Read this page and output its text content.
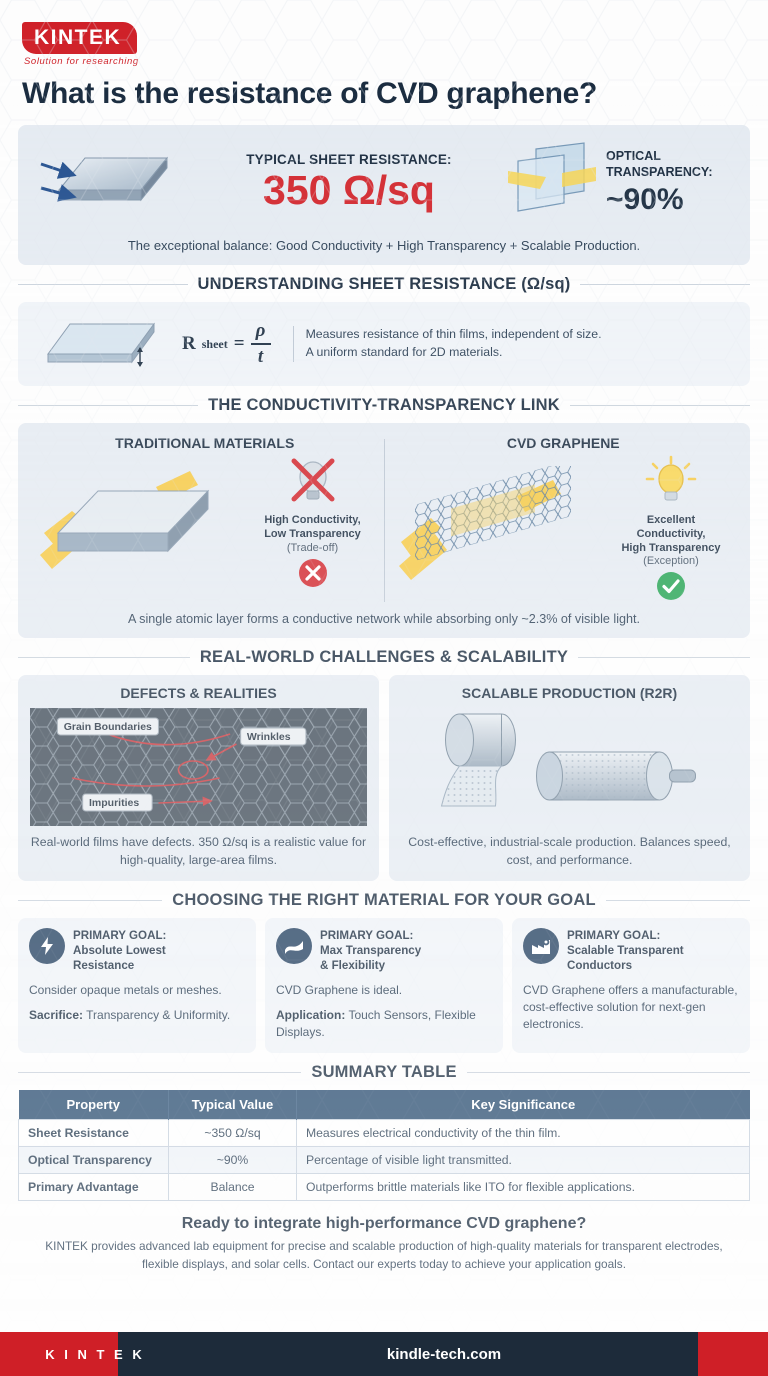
KINTEK
Solution for researching
What is the resistance of CVD graphene?
TYPICAL SHEET RESISTANCE:
350 Ω/sq
OPTICAL
TRANSPARENCY:
~90%
The exceptional balance: Good Conductivity + High Transparency + Scalable Production.
UNDERSTANDING SHEET RESISTANCE (Ω/sq)
R sheet = $\frac{\rho}{t}$	Measures resistance of thin films, independent of size.
A uniform standard for 2D materials.
THE CONDUCTIVITY-TRANSPARENCY LINK
TRADITIONAL MATERIALS
High Conductivity,
Low Transparency
(Trade-off)
CVD GRAPHENE
Excellent Conductivity,
High Transparency
(Exception)
A single atomic layer forms a conductive network while absorbing only ~2.3% of visible light.
REAL-WORLD CHALLENGES & SCALABILITY
DEFECTS & REALITIES
Grain Boundaries
Wrinkles
Impurities

Real-world films have defects. 350 Ω/sq is a realistic value for high-quality, large-area films.

SCALABLE PRODUCTION (R2R)

Cost-effective, industrial-scale production. Balances speed, cost, and performance.

CHOOSING THE RIGHT MATERIAL FOR YOUR GOAL
PRIMARY GOAL:
Absolute Lowest
Resistance
Consider opaque metals or meshes.
Sacrifice: Transparency & Uniformity.
PRIMARY GOAL:
Max Transparency
& Flexibility
CVD Graphene is ideal.
Application: Touch Sensors, Flexible Displays.
PRIMARY GOAL:
Scalable Transparent
Conductors
CVD Graphene offers a manufacturable, cost-effective solution for next-gen electronics.
SUMMARY TABLE
Property	Typical Value	Key Significance
Sheet Resistance	~350 Ω/sq	Measures electrical conductivity of the thin film.
Optical Transparency	~90%	Percentage of visible light transmitted.
Primary Advantage	Balance	Outperforms brittle materials like ITO for flexible applications.
Ready to integrate high-performance CVD graphene?

KINTEK provides advanced lab equipment for precise and scalable production of high-quality materials for transparent electrodes, flexible displays, and solar cells. Contact our experts today to achieve your application goals.

K I N T E K	kindle-tech.com
